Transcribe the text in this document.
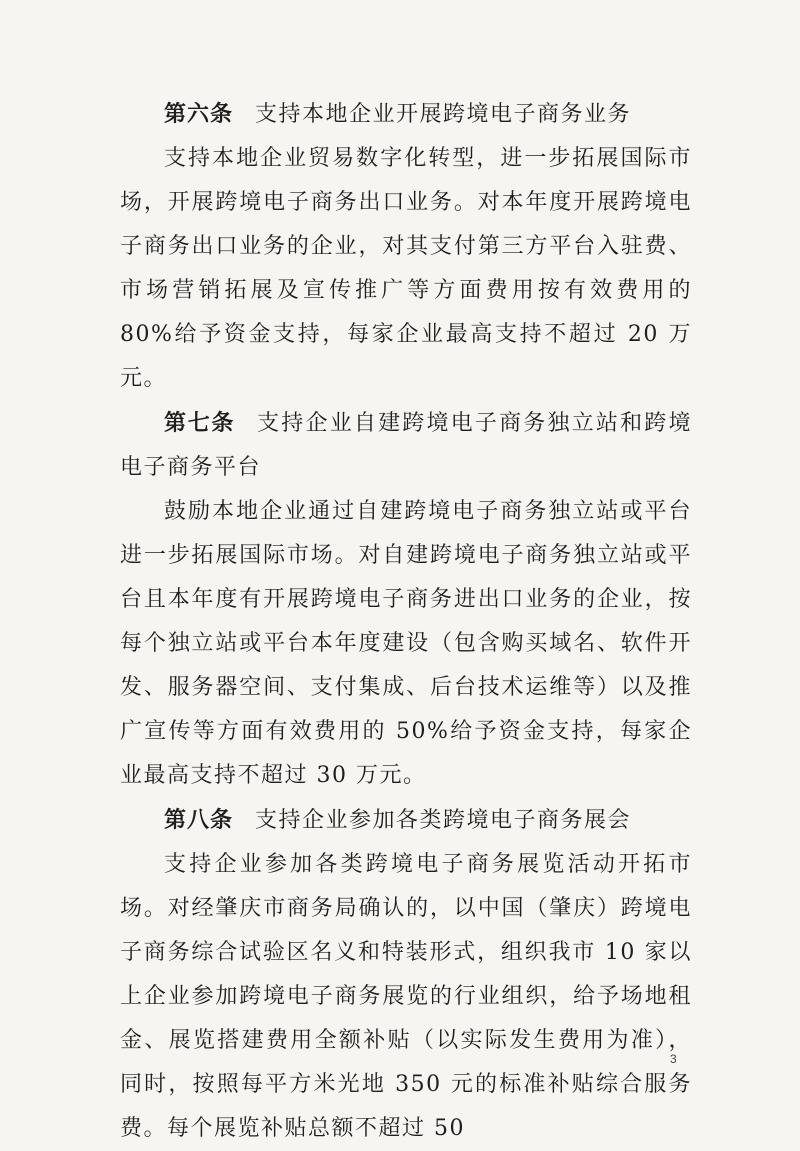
第六条 支持本地企业开展跨境电子商务业务

支持本地企业贸易数字化转型，进一步拓展国际市场，开展跨境电子商务出口业务。对本年度开展跨境电子商务出口业务的企业，对其支付第三方平台入驻费、市场营销拓展及宣传推广等方面费用按有效费用的 80%给予资金支持，每家企业最高支持不超过 20 万元。

第七条 支持企业自建跨境电子商务独立站和跨境电子商务平台

鼓励本地企业通过自建跨境电子商务独立站或平台进一步拓展国际市场。对自建跨境电子商务独立站或平台且本年度有开展跨境电子商务进出口业务的企业，按每个独立站或平台本年度建设（包含购买域名、软件开发、服务器空间、支付集成、后台技术运维等）以及推广宣传等方面有效费用的 50%给予资金支持，每家企业最高支持不超过 30 万元。

第八条 支持企业参加各类跨境电子商务展会

支持企业参加各类跨境电子商务展览活动开拓市场。对经肇庆市商务局确认的，以中国（肇庆）跨境电子商务综合试验区名义和特装形式，组织我市 10 家以上企业参加跨境电子商务展览的行业组织，给予场地租金、展览搭建费用全额补贴（以实际发生费用为准），同时，按照每平方米光地 350 元的标准补贴综合服务费。每个展览补贴总额不超过 50

3
